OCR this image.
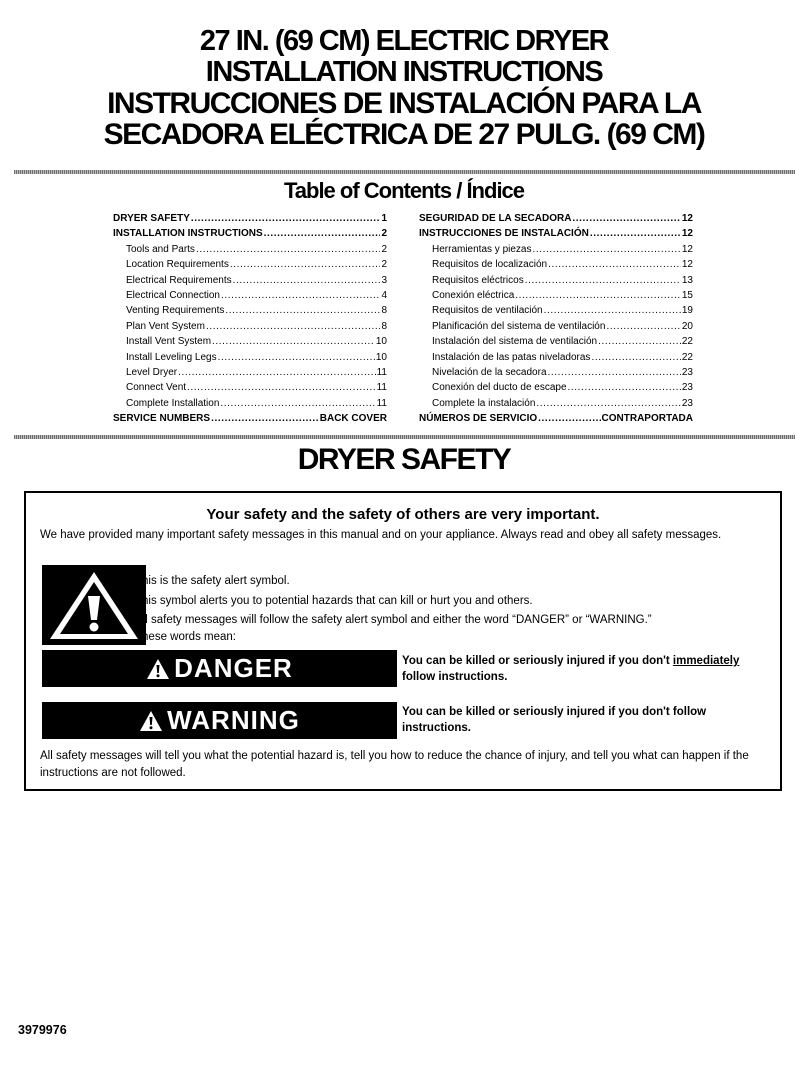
27 IN. (69 CM) ELECTRIC DRYER
INSTALLATION INSTRUCTIONS
INSTRUCCIONES DE INSTALACIÓN PARA LA
SECADORA ELÉCTRICA DE 27 PULG. (69 CM)
Table of Contents / Índice
DRYER SAFETY .....	1
INSTALLATION INSTRUCTIONS .....	2
Tools and Parts .....	2
Location Requirements .....	2
Electrical Requirements .....	3
Electrical Connection .....	4
Venting Requirements .....	8
Plan Vent System .....	8
Install Vent System .....	10
Install Leveling Legs .....	10
Level Dryer .....	11
Connect Vent .....	11
Complete Installation .....	11
SERVICE NUMBERS .....	BACK COVER
SEGURIDAD DE LA SECADORA .....	12
INSTRUCCIONES DE INSTALACIÓN .....	12
Herramientas y piezas .....	12
Requisitos de localización .....	12
Requisitos eléctricos .....	13
Conexión eléctrica .....	15
Requisitos de ventilación .....	19
Planificación del sistema de ventilación .....	20
Instalación del sistema de ventilación .....	22
Instalación de las patas niveladoras .....	22
Nivelación de la secadora .....	23
Conexión del ducto de escape .....	23
Complete la instalación .....	23
NÚMEROS DE SERVICIO .....	CONTRAPORTADA
DRYER SAFETY
Your safety and the safety of others are very important.
We have provided many important safety messages in this manual and on your appliance. Always read and obey all safety messages.
This is the safety alert symbol.
This symbol alerts you to potential hazards that can kill or hurt you and others.
All safety messages will follow the safety alert symbol and either the word “DANGER” or “WARNING.”
These words mean:
DANGER	You can be killed or seriously injured if you don't immediately
follow instructions.
WARNING	You can be killed or seriously injured if you don't follow instructions.
All safety messages will tell you what the potential hazard is, tell you how to reduce the chance of injury, and tell you what can happen if the instructions are not followed.
3979976
